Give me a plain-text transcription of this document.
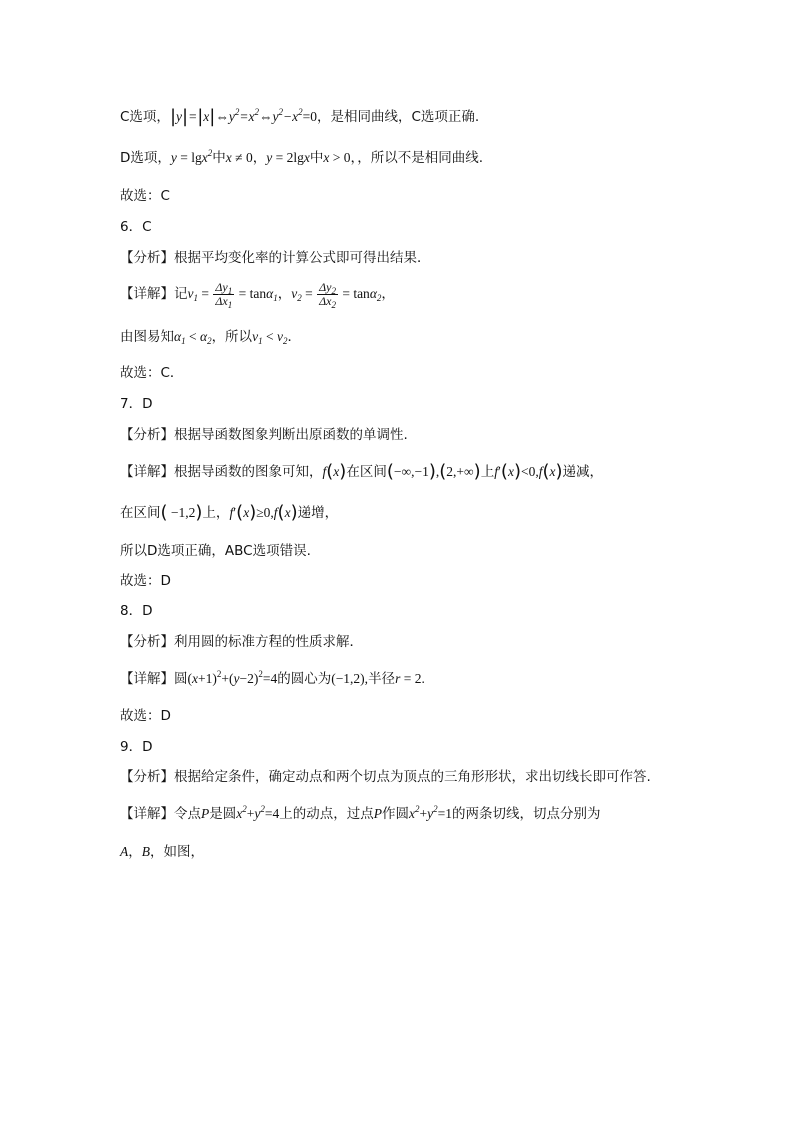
C选项，$|y|=|x|\Leftrightarrow y^2=x^2\Leftrightarrow y^2-x^2=0$，是相同曲线，C选项正确.
D选项，y = lgx$^2$中x ≠ 0，y = 2lgx中x > 0，，所以不是相同曲线.
故选：C
6．C
【分析】根据平均变化率的计算公式即可得出结果．
【详解】记$v_1 = \frac{\Delta y_1}{\Delta x_1} = \tan\alpha_1$，$v_2 = \frac{\Delta y_2}{\Delta x_2} = \tan\alpha_2$，
由图易知$\alpha_1 < \alpha_2$，所以$v_1 < v_2$．
故选：C．
7．D
【分析】根据导函数图象判断出原函数的单调性.
【详解】根据导函数的图象可知，f(x)在区间(−∞,−1),(2,+∞)上f′(x)<0,f(x)递减，
在区间( −1,2)上，f′(x)≥0,f(x)递增，
所以D选项正确，ABC选项错误.
故选：D
8．D
【分析】利用圆的标准方程的性质求解．
【详解】圆$(x+1)^2+(y-2)^2=4$的圆心为(−1,2),半径r = 2.
故选：D
9．D
【分析】根据给定条件，确定动点和两个切点为顶点的三角形形状，求出切线长即可作答.
【详解】令点P是圆$x^2+y^2=4$上的动点，过点P作圆$x^2+y^2=1$的两条切线，切点分别为
A，B，如图，
